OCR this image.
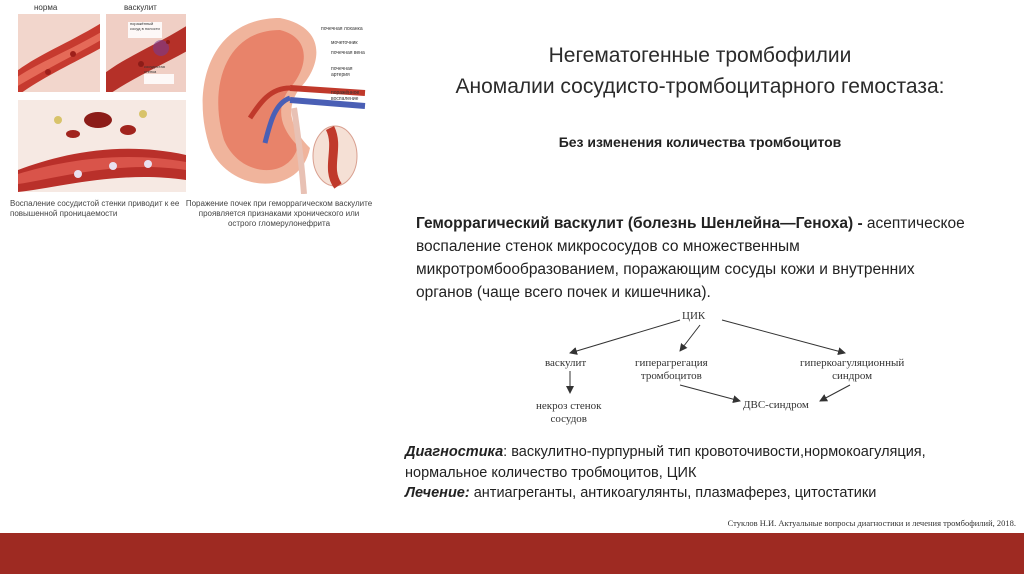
норма	васкулит
поражённый сосуд в полости
сосудистая стенка
Воспаление сосудистой стенки приводит к ее
повышенной проницаемости
почечная лоханка
мочеточник
почечная вена
почечная артерия
поражённое воспаление
Поражение почек при геморрагическом васкулите
проявляется признаками хронического или
острого гломерулонефрита
Негематогенные тромбофилии
Аномалии сосудисто-тромбоцитарного гемостаза:
Без изменения количества тромбоцитов
Геморрагический васкулит (болезнь Шенлейна—Геноха) - асептическое
воспаление стенок микрососудов со множественным
микротромбообразованием, поражающим сосуды кожи и внутренних
органов (чаще всего почек и кишечника).
ЦИК
васкулит	гиперагрегация
тромбоцитов
гиперкоагуляционный
синдром
некроз стенок
сосудов
ДВС-синдром
Диагностика: васкулитно-пурпурный тип кровоточивости,нормокоагуляция,
нормальное количество тробмоцитов, ЦИК
Лечение: антиагреганты, антикоагулянты, плазмаферез, цитостатики
Стуклов Н.И. Актуальные вопросы диагностики и лечения тромбофилий, 2018.
